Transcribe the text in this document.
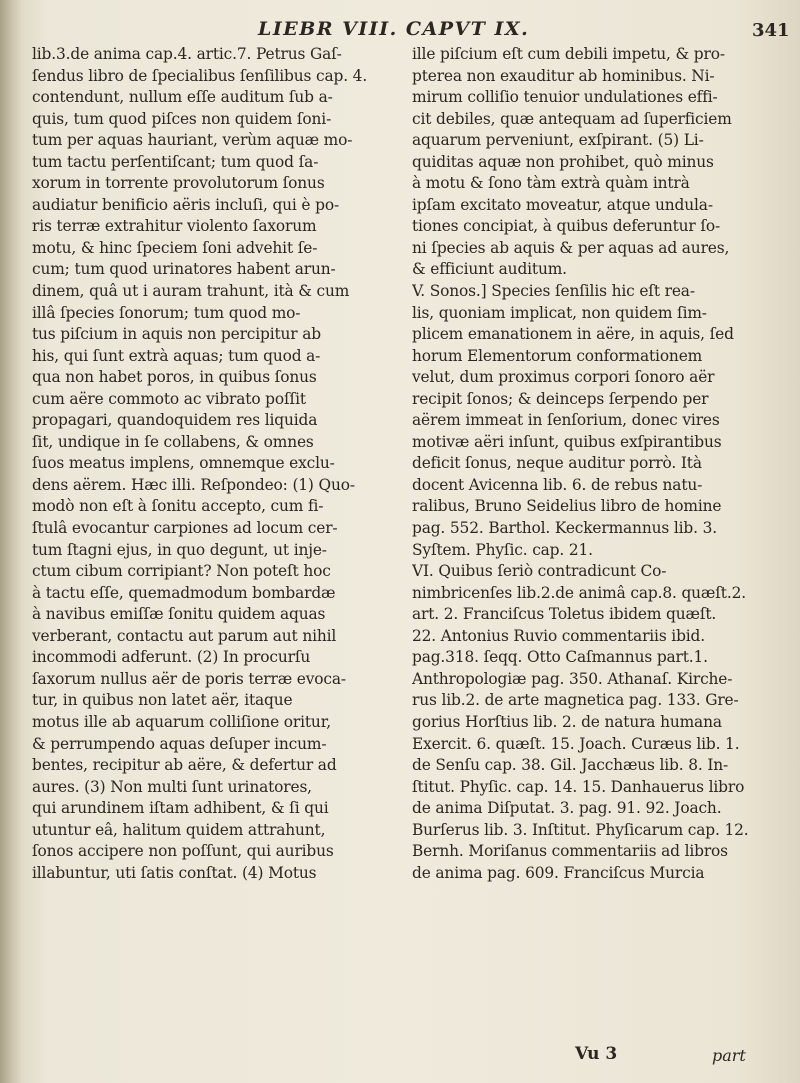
LIEBR VIII. CAPVT IX.	341

lib.3.de anima cap.4. artic.7. Petrus Gaſ-

ſendus libro de ſpecialibus ſenſilibus cap. 4.

contendunt, nullum eſſe auditum ſub a-

quis, tum quod piſces non quidem ſoni-

tum per aquas hauriant, verùm aquæ mo-

tum tactu perſentiſcant; tum quod ſa-

xorum in torrente provolutorum ſonus

audiatur benificio aëris incluſi, qui è po-

ris terræ extrahitur violento ſaxorum

motu, & hinc ſpeciem ſoni advehit ſe-

cum; tum quod urinatores habent arun-

dinem, quâ ut i auram trahunt, ità & cum

illâ ſpecies ſonorum; tum quod mo-

tus piſcium in aquis non percipitur ab

his, qui ſunt extrà aquas; tum quod a-

qua non habet poros, in quibus ſonus

cum aëre commoto ac vibrato poſſit

propagari, quandoquidem res liquida

ſit, undique in ſe collabens, & omnes

ſuos meatus implens, omnemque exclu-

dens aërem. Hæc illi. Reſpondeo: (1) Quo-

modò non eſt à ſonitu accepto, cum fi-

ſtulâ evocantur carpiones ad locum cer-

tum ſtagni ejus, in quo degunt, ut inje-

ctum cibum corripiant? Non poteſt hoc

à tactu eſſe, quemadmodum bombardæ

à navibus emiſſæ ſonitu quidem aquas

verberant, contactu aut parum aut nihil

incommodi adferunt. (2) In procurſu

ſaxorum nullus aër de poris terræ evoca-

tur, in quibus non latet aër, itaque

motus ille ab aquarum colliſione oritur,

& perrumpendo aquas deſuper incum-

bentes, recipitur ab aëre, & defertur ad

aures. (3) Non multi ſunt urinatores,

qui arundinem iſtam adhibent, & ſi qui

utuntur eâ, halitum quidem attrahunt,

ſonos accipere non poſſunt, qui auribus

illabuntur, uti ſatis conſtat. (4) Motus

ille piſcium eſt cum debili impetu, & pro-

pterea non exauditur ab hominibus. Ni-

mirum colliſio tenuior undulationes effi-

cit debiles, quæ antequam ad ſuperficiem

aquarum perveniunt, exſpirant. (5) Li-

quiditas aquæ non prohibet, quò minus

à motu & ſono tàm extrà quàm intrà

ipſam excitato moveatur, atque undula-

tiones concipiat, à quibus deferuntur ſo-

ni ſpecies ab aquis & per aquas ad aures,

& efficiunt auditum.

V. Sonos.] Species ſenſilis hic eſt rea-

lis, quoniam implicat, non quidem ſim-

plicem emanationem in aëre, in aquis, ſed

horum Elementorum conformationem

velut, dum proximus corpori ſonoro aër

recipit ſonos; & deinceps ſerpendo per

aërem immeat in ſenſorium, donec vires

motivæ aëri inſunt, quibus exſpirantibus

deficit ſonus, neque auditur porrò. Ità

docent Avicenna lib. 6. de rebus natu-

ralibus, Bruno Seidelius libro de homine

pag. 552. Barthol. Keckermannus lib. 3.

Syſtem. Phyſic. cap. 21.

VI. Quibus ſeriò contradicunt Co-

nimbricenſes lib.2.de animâ cap.8. quæſt.2.

art. 2. Franciſcus Toletus ibidem quæſt.

22. Antonius Ruvio commentariis ibid.

pag.318. ſeqq. Otto Caſmannus part.1.

Anthropologiæ pag. 350. Athanaſ. Kirche-

rus lib.2. de arte magnetica pag. 133. Gre-

gorius Horſtius lib. 2. de natura humana

Exercit. 6. quæſt. 15. Joach. Curæus lib. 1.

de Senſu cap. 38. Gil. Jacchæus lib. 8. In-

ſtitut. Phyſic. cap. 14. 15. Danhauerus libro

de anima Diſputat. 3. pag. 91. 92. Joach.

Burſerus lib. 3. Inſtitut. Phyſicarum cap. 12.

Bernh. Moriſanus commentariis ad libros

de anima pag. 609. Franciſcus Murcia

Vu 3	part
